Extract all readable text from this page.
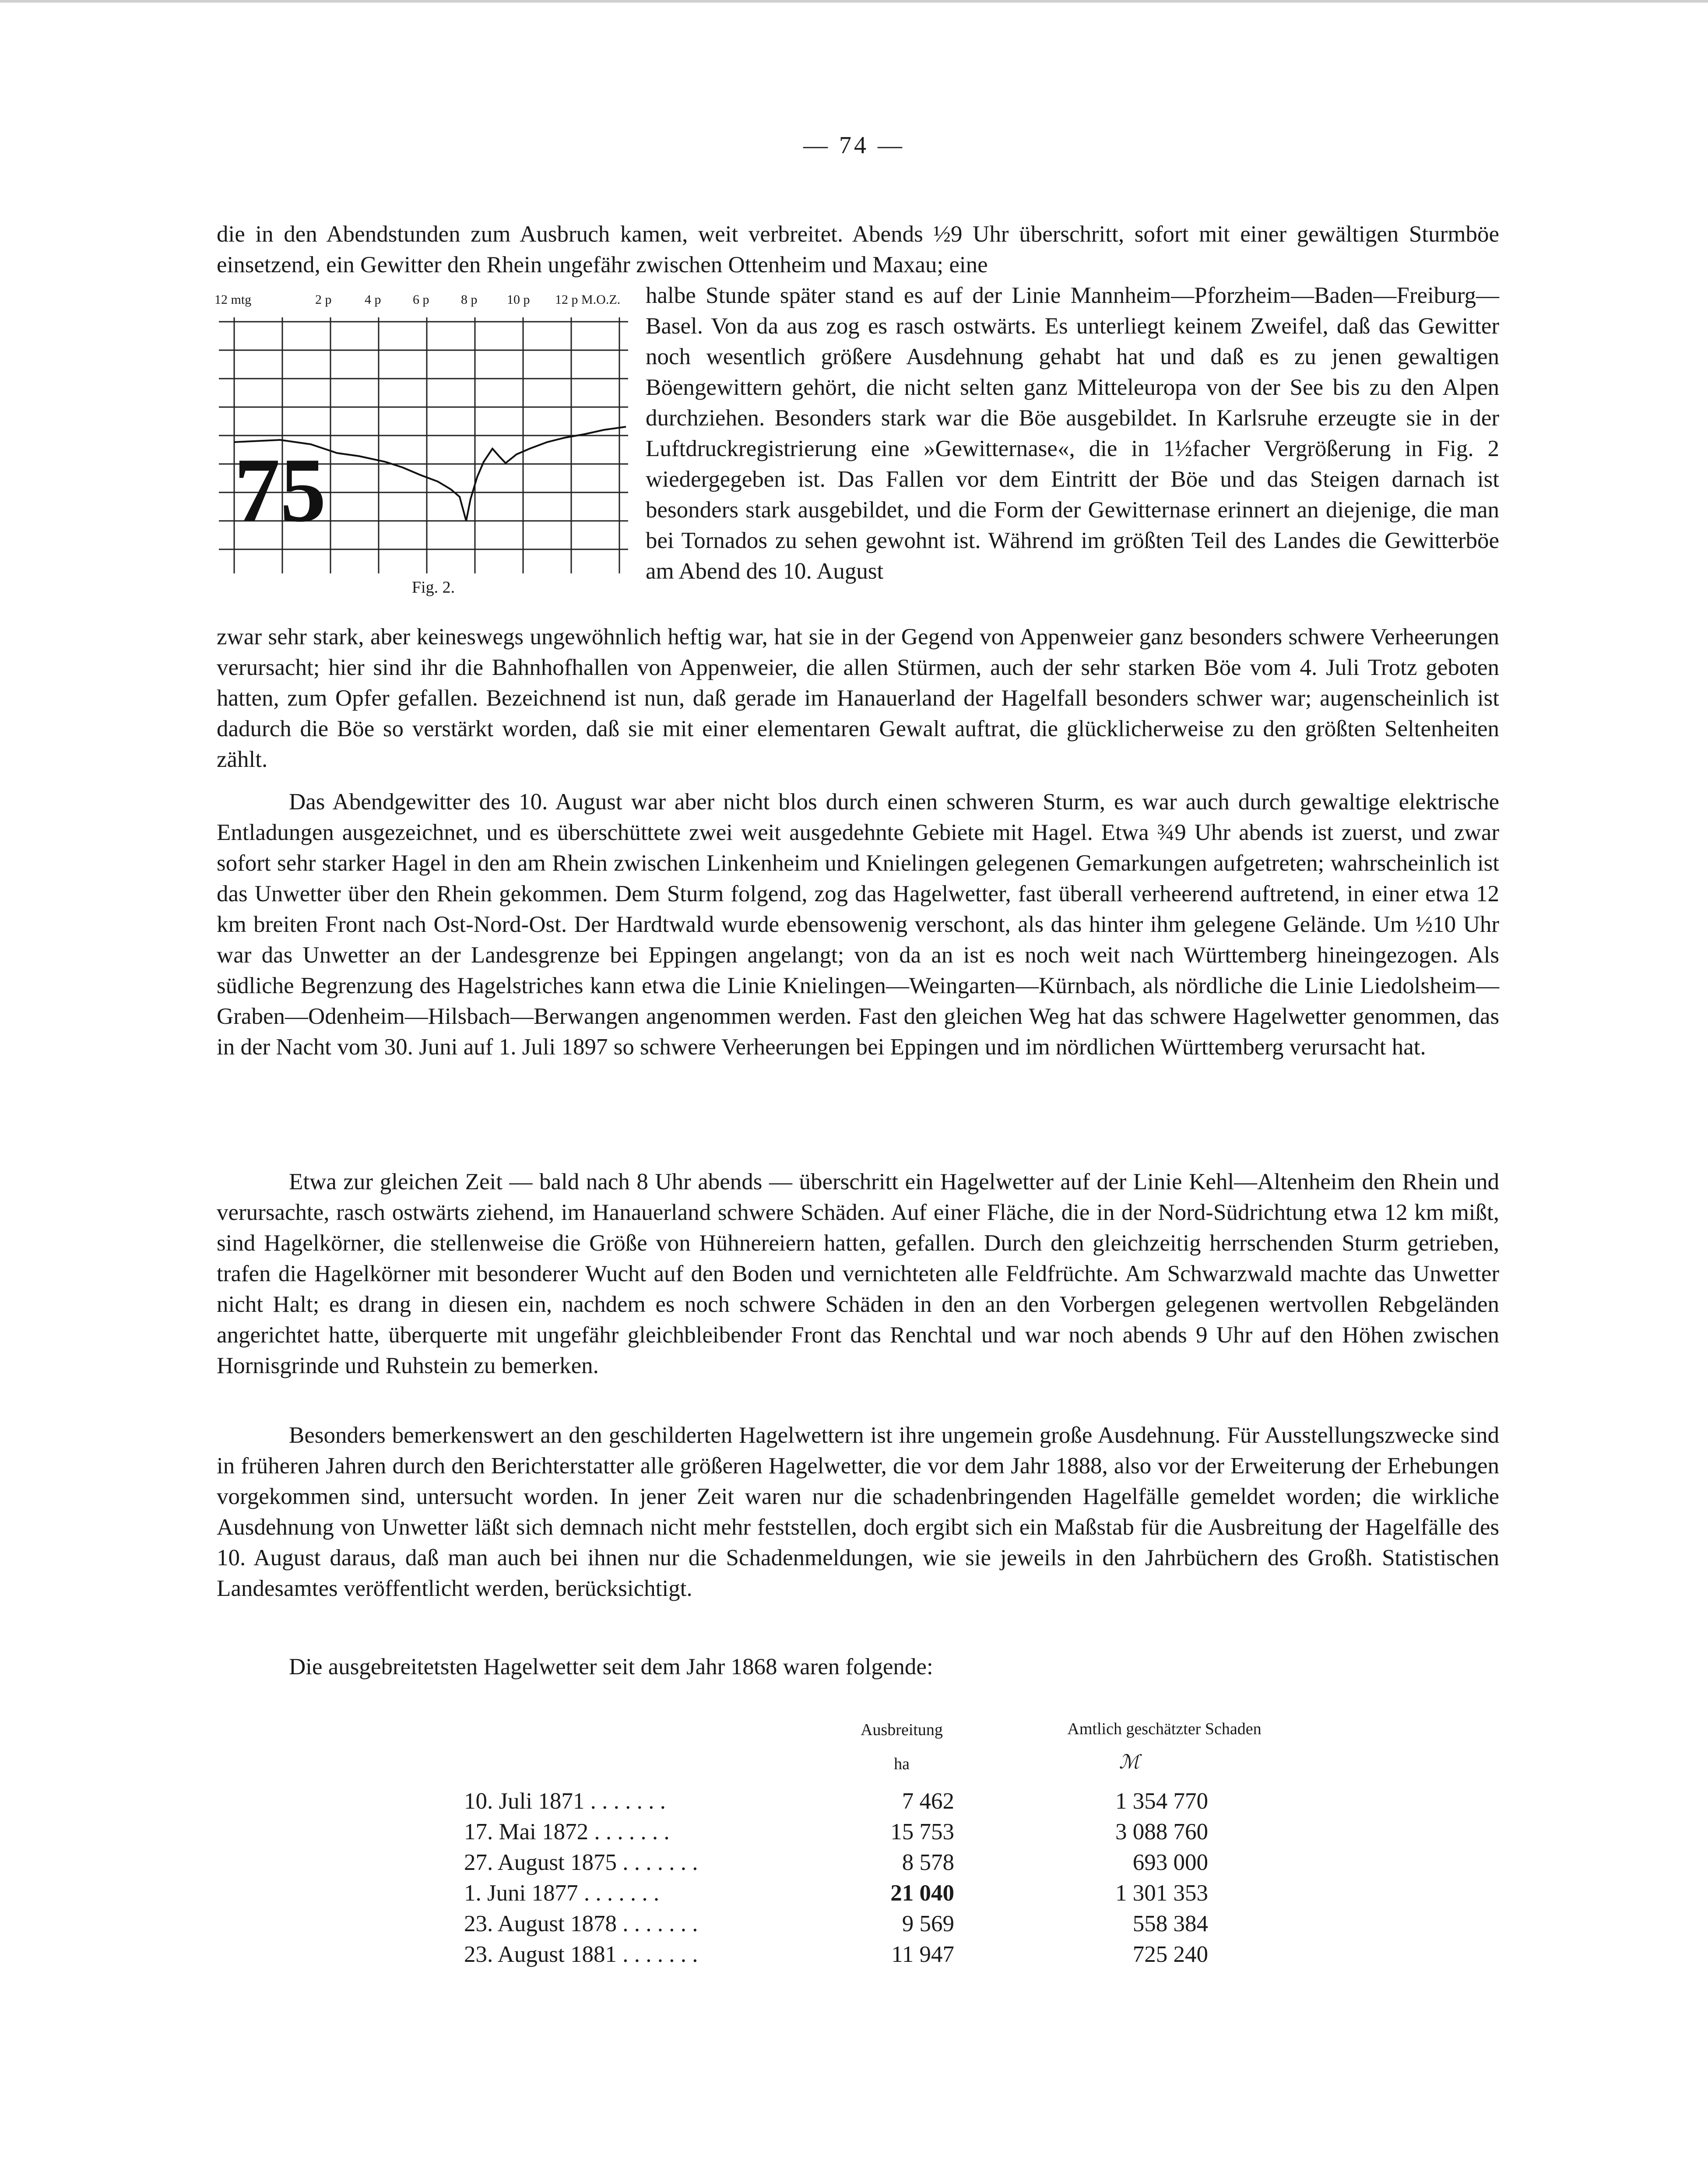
— 74 —

die in den Abendstunden zum Ausbruch kamen, weit verbreitet. Abends ½9 Uhr überschritt, sofort mit einer gewältigen Sturmböe einsetzend, ein Gewitter den Rhein ungefähr zwischen Ottenheim und Maxau; eine

12 mtg	2 p	4 p 6 p 8 p 10 p 12 p M.O.Z.
75
Fig. 2.

halbe Stunde später stand es auf der Linie Mannheim—Pforzheim—Baden—Freiburg—Basel. Von da aus zog es rasch ostwärts. Es unterliegt keinem Zweifel, daß das Gewitter noch wesentlich größere Ausdehnung gehabt hat und daß es zu jenen gewaltigen Böengewittern gehört, die nicht selten ganz Mitteleuropa von der See bis zu den Alpen durchziehen. Besonders stark war die Böe ausgebildet. In Karlsruhe erzeugte sie in der Luftdruckregistrierung eine »Gewitternase«, die in 1½facher Vergrößerung in Fig. 2 wiedergegeben ist. Das Fallen vor dem Eintritt der Böe und das Steigen darnach ist besonders stark ausgebildet, und die Form der Gewitternase erinnert an diejenige, die man bei Tornados zu sehen gewohnt ist. Während im größten Teil des Landes die Gewitterböe am Abend des 10. August

zwar sehr stark, aber keineswegs ungewöhnlich heftig war, hat sie in der Gegend von Appenweier ganz besonders schwere Verheerungen verursacht; hier sind ihr die Bahnhofhallen von Appenweier, die allen Stürmen, auch der sehr starken Böe vom 4. Juli Trotz geboten hatten, zum Opfer gefallen. Bezeichnend ist nun, daß gerade im Hanauerland der Hagelfall besonders schwer war; augenscheinlich ist dadurch die Böe so verstärkt worden, daß sie mit einer elementaren Gewalt auftrat, die glücklicherweise zu den größten Seltenheiten zählt.

Das Abendgewitter des 10. August war aber nicht blos durch einen schweren Sturm, es war auch durch gewaltige elektrische Entladungen ausgezeichnet, und es überschüttete zwei weit ausgedehnte Gebiete mit Hagel. Etwa ¾9 Uhr abends ist zuerst, und zwar sofort sehr starker Hagel in den am Rhein zwischen Linkenheim und Knielingen gelegenen Gemarkungen aufgetreten; wahrscheinlich ist das Unwetter über den Rhein gekommen. Dem Sturm folgend, zog das Hagelwetter, fast überall verheerend auftretend, in einer etwa 12 km breiten Front nach Ost-Nord-Ost. Der Hardtwald wurde ebensowenig verschont, als das hinter ihm gelegene Gelände. Um ½10 Uhr war das Unwetter an der Landesgrenze bei Eppingen angelangt; von da an ist es noch weit nach Württemberg hineingezogen. Als südliche Begrenzung des Hagelstriches kann etwa die Linie Knielingen—Weingarten—Kürnbach, als nördliche die Linie Liedolsheim—Graben—Odenheim—Hilsbach—Berwangen angenommen werden. Fast den gleichen Weg hat das schwere Hagelwetter genommen, das in der Nacht vom 30. Juni auf 1. Juli 1897 so schwere Verheerungen bei Eppingen und im nördlichen Württemberg verursacht hat.

Etwa zur gleichen Zeit — bald nach 8 Uhr abends — überschritt ein Hagelwetter auf der Linie Kehl—Altenheim den Rhein und verursachte, rasch ostwärts ziehend, im Hanauerland schwere Schäden. Auf einer Fläche, die in der Nord-Südrichtung etwa 12 km mißt, sind Hagelkörner, die stellenweise die Größe von Hühnereiern hatten, gefallen. Durch den gleichzeitig herrschenden Sturm getrieben, trafen die Hagelkörner mit besonderer Wucht auf den Boden und vernichteten alle Feldfrüchte. Am Schwarzwald machte das Unwetter nicht Halt; es drang in diesen ein, nachdem es noch schwere Schäden in den an den Vorbergen gelegenen wertvollen Rebgeländen angerichtet hatte, überquerte mit ungefähr gleichbleibender Front das Renchtal und war noch abends 9 Uhr auf den Höhen zwischen Hornisgrinde und Ruhstein zu bemerken.

Besonders bemerkenswert an den geschilderten Hagelwettern ist ihre ungemein große Ausdehnung. Für Ausstellungszwecke sind in früheren Jahren durch den Berichterstatter alle größeren Hagelwetter, die vor dem Jahr 1888, also vor der Erweiterung der Erhebungen vorgekommen sind, untersucht worden. In jener Zeit waren nur die schadenbringenden Hagelfälle gemeldet worden; die wirkliche Ausdehnung von Unwetter läßt sich demnach nicht mehr feststellen, doch ergibt sich ein Maßstab für die Ausbreitung der Hagelfälle des 10. August daraus, daß man auch bei ihnen nur die Schadenmeldungen, wie sie jeweils in den Jahrbüchern des Großh. Statistischen Landesamtes veröffentlicht werden, berücksichtigt.

Die ausgebreitetsten Hagelwetter seit dem Jahr 1868 waren folgende:

Ausbreitung
ha
Amtlich geschätzter Schaden
ℳ
10. Juli 1871 . . .	7 462	1 354 770
17. Mai 1872 . . .	15 753	3 088 760
27. August 1875 . . .	8 578	693 000
1. Juni 1877 . . .	21 040	1 301 353
23. August 1878 . . .	9 569	558 384
23. August 1881 . . .	11 947	725 240
